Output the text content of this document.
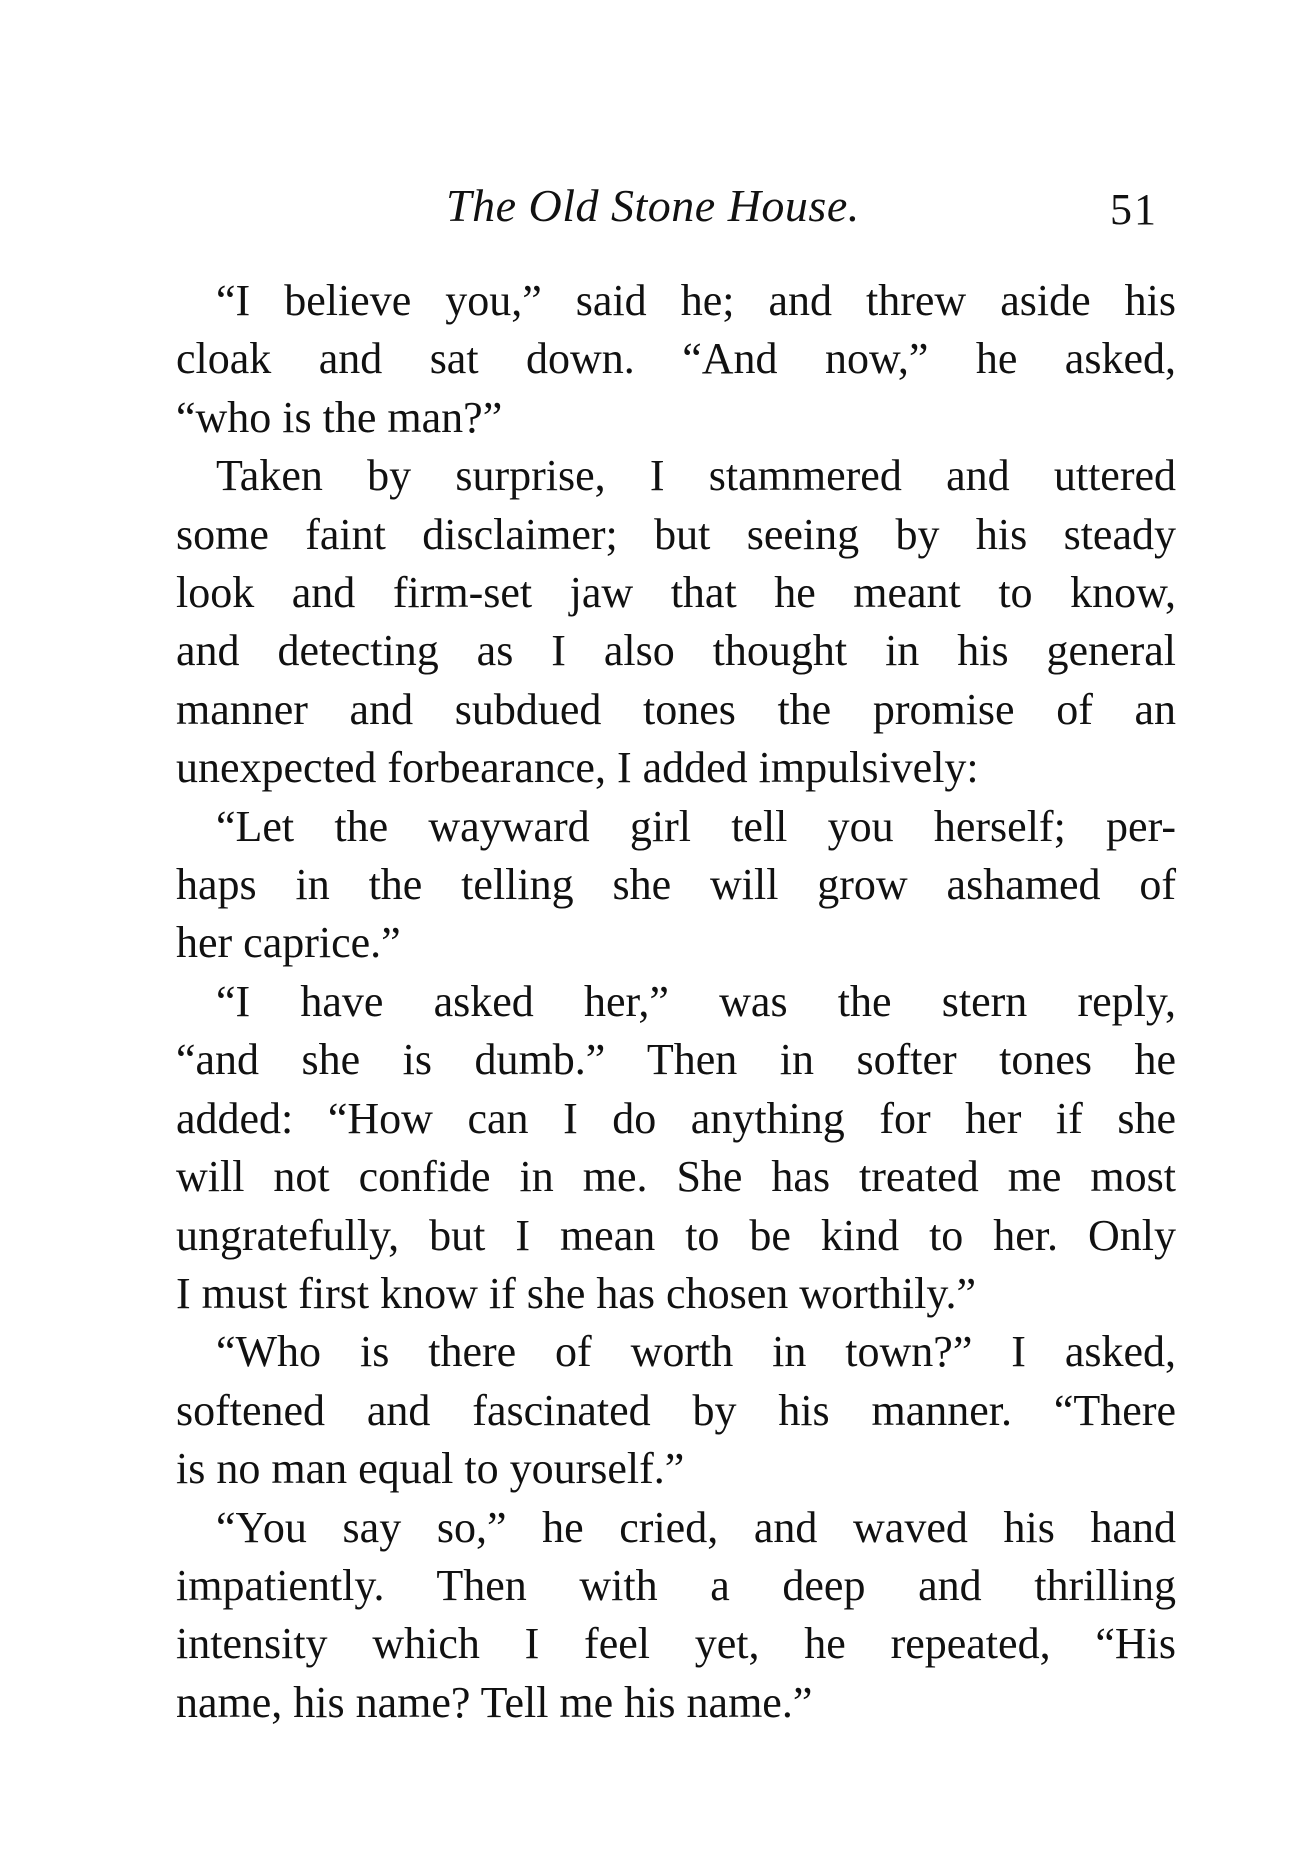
The Old Stone House.	51

“I believe you,” said he; and threw aside his
cloak and sat down. “And now,” he asked,
“who is the man?”

Taken by surprise, I stammered and uttered
some faint disclaimer; but seeing by his steady
look and firm-set jaw that he meant to know,
and detecting as I also thought in his general
manner and subdued tones the promise of an
unexpected forbearance, I added impulsively:

“Let the wayward girl tell you herself; per-
haps in the telling she will grow ashamed of
her caprice.”

“I have asked her,” was the stern reply,
“and she is dumb.” Then in softer tones he
added: “How can I do anything for her if she
will not confide in me. She has treated me most
ungratefully, but I mean to be kind to her. Only
I must first know if she has chosen worthily.”

“Who is there of worth in town?” I asked,
softened and fascinated by his manner. “There
is no man equal to yourself.”

“You say so,” he cried, and waved his hand
impatiently. Then with a deep and thrilling
intensity which I feel yet, he repeated, “His
name, his name? Tell me his name.”
